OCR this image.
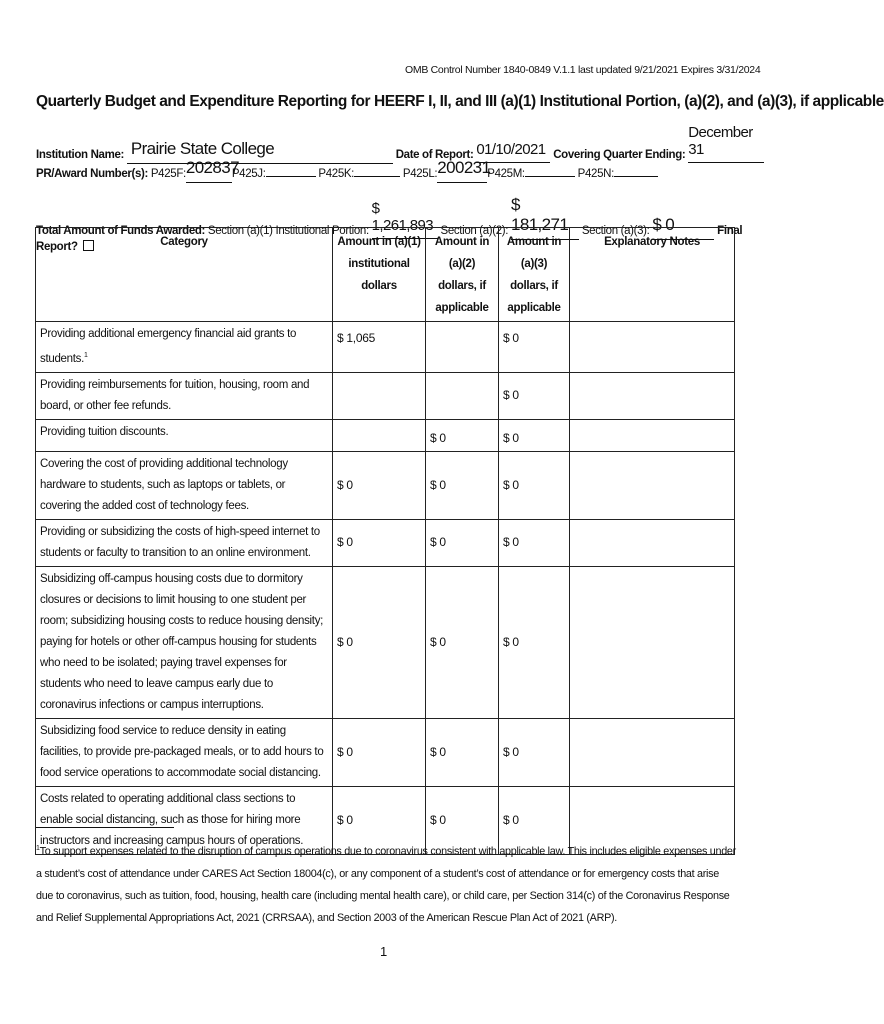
OMB Control Number 1840-0849 V.1.1 last updated 9/21/2021 Expires 3/31/2024
Quarterly Budget and Expenditure Reporting for HEERF I, II, and III (a)(1) Institutional Portion, (a)(2), and (a)(3), if applicable
Institution Name: Prairie State College	Date of Report: 01/10/2021 Covering Quarter Ending: December 31
PR/Award Number(s): P425F:202837P425J:	P425K:	P425L:200231P425M:	P425N:
Total Amount of Funds Awarded: Section (a)(1) Institutional Portion: $ 1,261,893 Section (a)(2): $ 181,271 Section (a)(3): $ 0	Final Report?	Category	Amount in (a)(1) institutional dollars	Amount in (a)(2) dollars, if applicable	Amount in (a)(3) dollars, if applicable	Explanatory Notes
Providing additional emergency financial aid grants to students.$^1$	$ 1,065		$ 0	
Providing reimbursements for tuition, housing, room and board, or other fee refunds.			$ 0	
Providing tuition discounts.		$ 0	$ 0	
Covering the cost of providing additional technology hardware to students, such as laptops or tablets, or covering the added cost of technology fees.	$ 0	$ 0	$ 0	
Providing or subsidizing the costs of high-speed internet to students or faculty to transition to an online environment.	$ 0	$ 0	$ 0	
Subsidizing off-campus housing costs due to dormitory closures or decisions to limit housing to one student per room; subsidizing housing costs to reduce housing density; paying for hotels or other off-campus housing for students who need to be isolated; paying travel expenses for students who need to leave campus early due to coronavirus infections or campus interruptions.	$ 0	$ 0	$ 0	
Subsidizing food service to reduce density in eating facilities, to provide pre-packaged meals, or to add hours to food service operations to accommodate social distancing.	$ 0	$ 0	$ 0	
Costs related to operating additional class sections to enable social distancing, such as those for hiring more instructors and increasing campus hours of operations.	$ 0	$ 0	$ 0	
$^1$To support expenses related to the disruption of campus operations due to coronavirus consistent with applicable law. This includes eligible expenses under a student’s cost of attendance under CARES Act Section 18004(c), or any component of a student’s cost of attendance or for emergency costs that arise due to coronavirus, such as tuition, food, housing, health care (including mental health care), or child care, per Section 314(c) of the Coronavirus Response and Relief Supplemental Appropriations Act, 2021 (CRRSAA), and Section 2003 of the American Rescue Plan Act of 2021 (ARP).
1
